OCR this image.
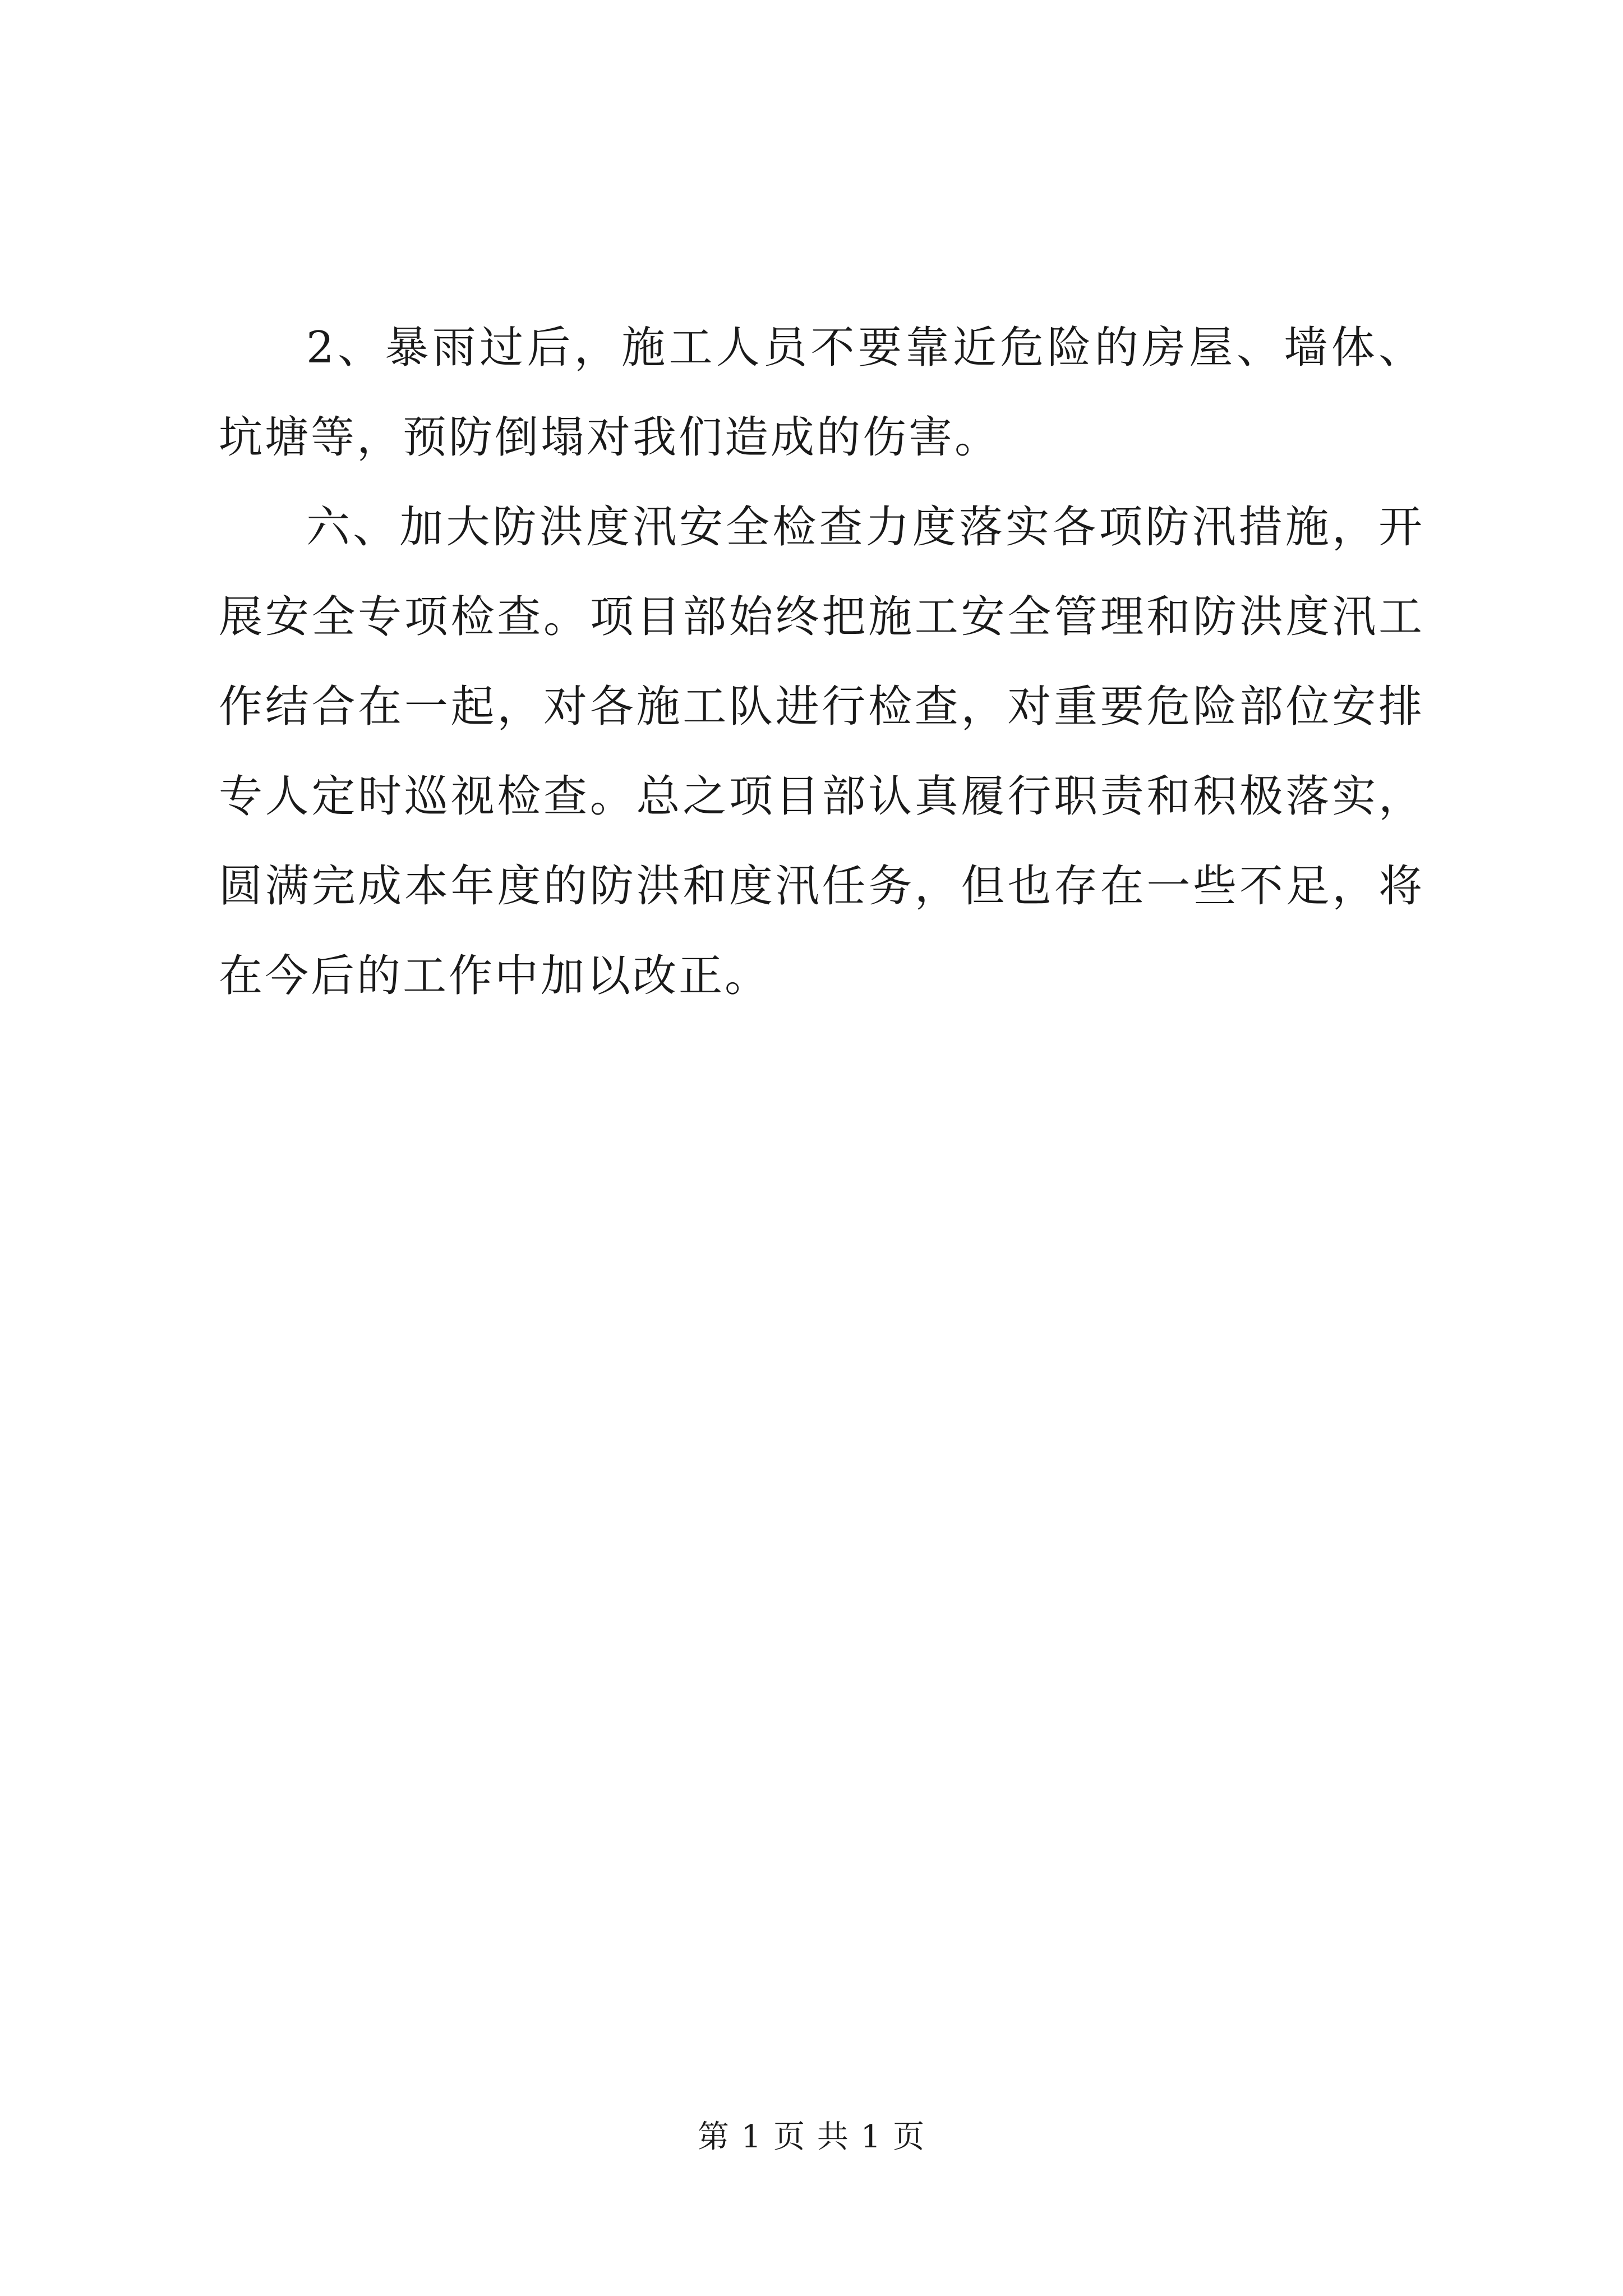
2、暴雨过后，施工人员不要靠近危险的房屋、墙体、坑塘等，预防倒塌对我们造成的伤害。

六、加大防洪度汛安全检查力度落实各项防汛措施，开展安全专项检查。项目部始终把施工安全管理和防洪度汛工作结合在一起，对各施工队进行检查，对重要危险部位安排专人定时巡视检查。总之项目部认真履行职责和积极落实，圆满完成本年度的防洪和度汛任务，但也存在一些不足，将在今后的工作中加以改正。

第 1 页 共 1 页
